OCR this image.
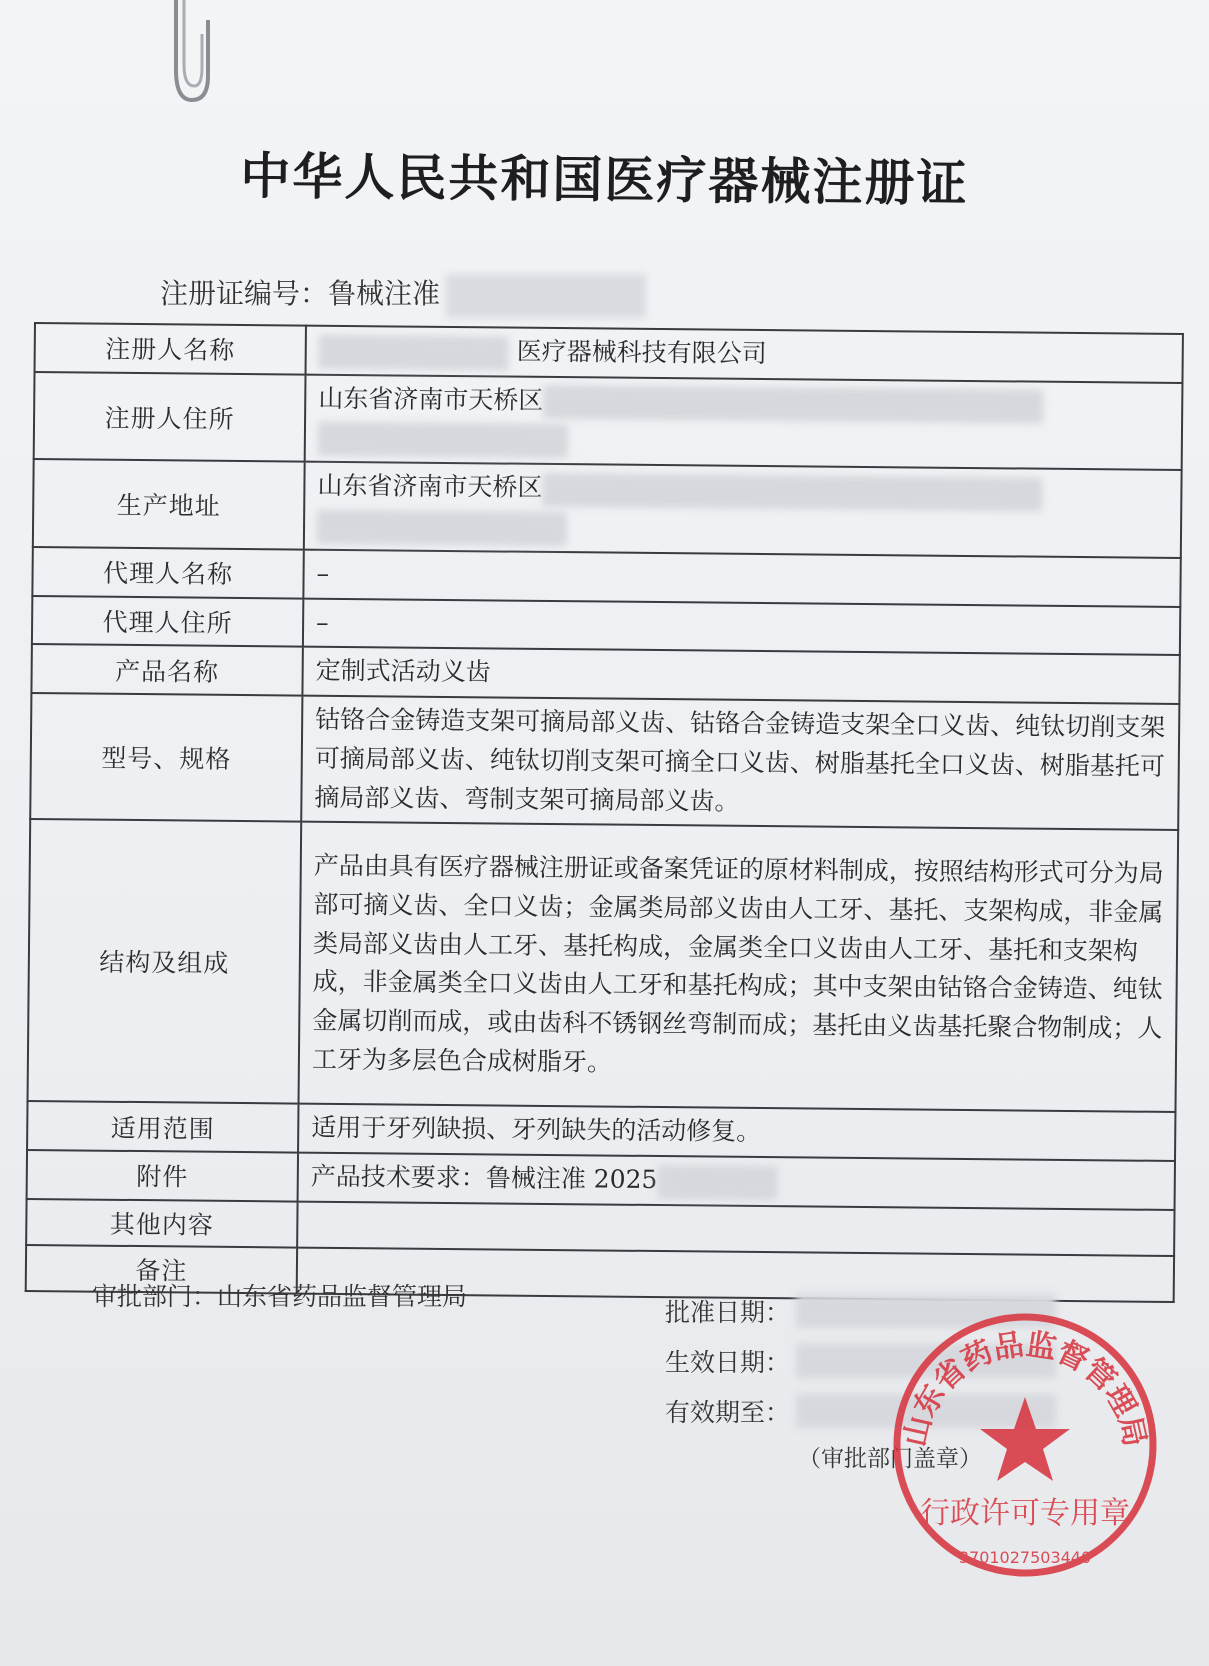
中华人民共和国医疗器械注册证
注册证编号：鲁械注准
注册人名称	医疗器械科技有限公司
注册人住所	山东省济南市天桥区

生产地址	山东省济南市天桥区

代理人名称	–
代理人住所	–
产品名称	定制式活动义齿
型号、规格	钴铬合金铸造支架可摘局部义齿、钴铬合金铸造支架全口义齿、纯钛切削支架可摘局部义齿、纯钛切削支架可摘全口义齿、树脂基托全口义齿、树脂基托可摘局部义齿、弯制支架可摘局部义齿。
结构及组成	产品由具有医疗器械注册证或备案凭证的原材料制成，按照结构形式可分为局部可摘义齿、全口义齿；金属类局部义齿由人工牙、基托、支架构成，非金属类局部义齿由人工牙、基托构成，金属类全口义齿由人工牙、基托和支架构成，非金属类全口义齿由人工牙和基托构成；其中支架由钴铬合金铸造、纯钛金属切削而成，或由齿科不锈钢丝弯制而成；基托由义齿基托聚合物制成；人工牙为多层色合成树脂牙。
适用范围	适用于牙列缺损、牙列缺失的活动修复。
附件	产品技术要求：鲁械注准 2025
其他内容	
备注	
审批部门：山东省药品监督管理局
批准日期：
生效日期：
有效期至：
（审批部门盖章）
山东省药品监督管理局
行政许可专用章
3701027503440
